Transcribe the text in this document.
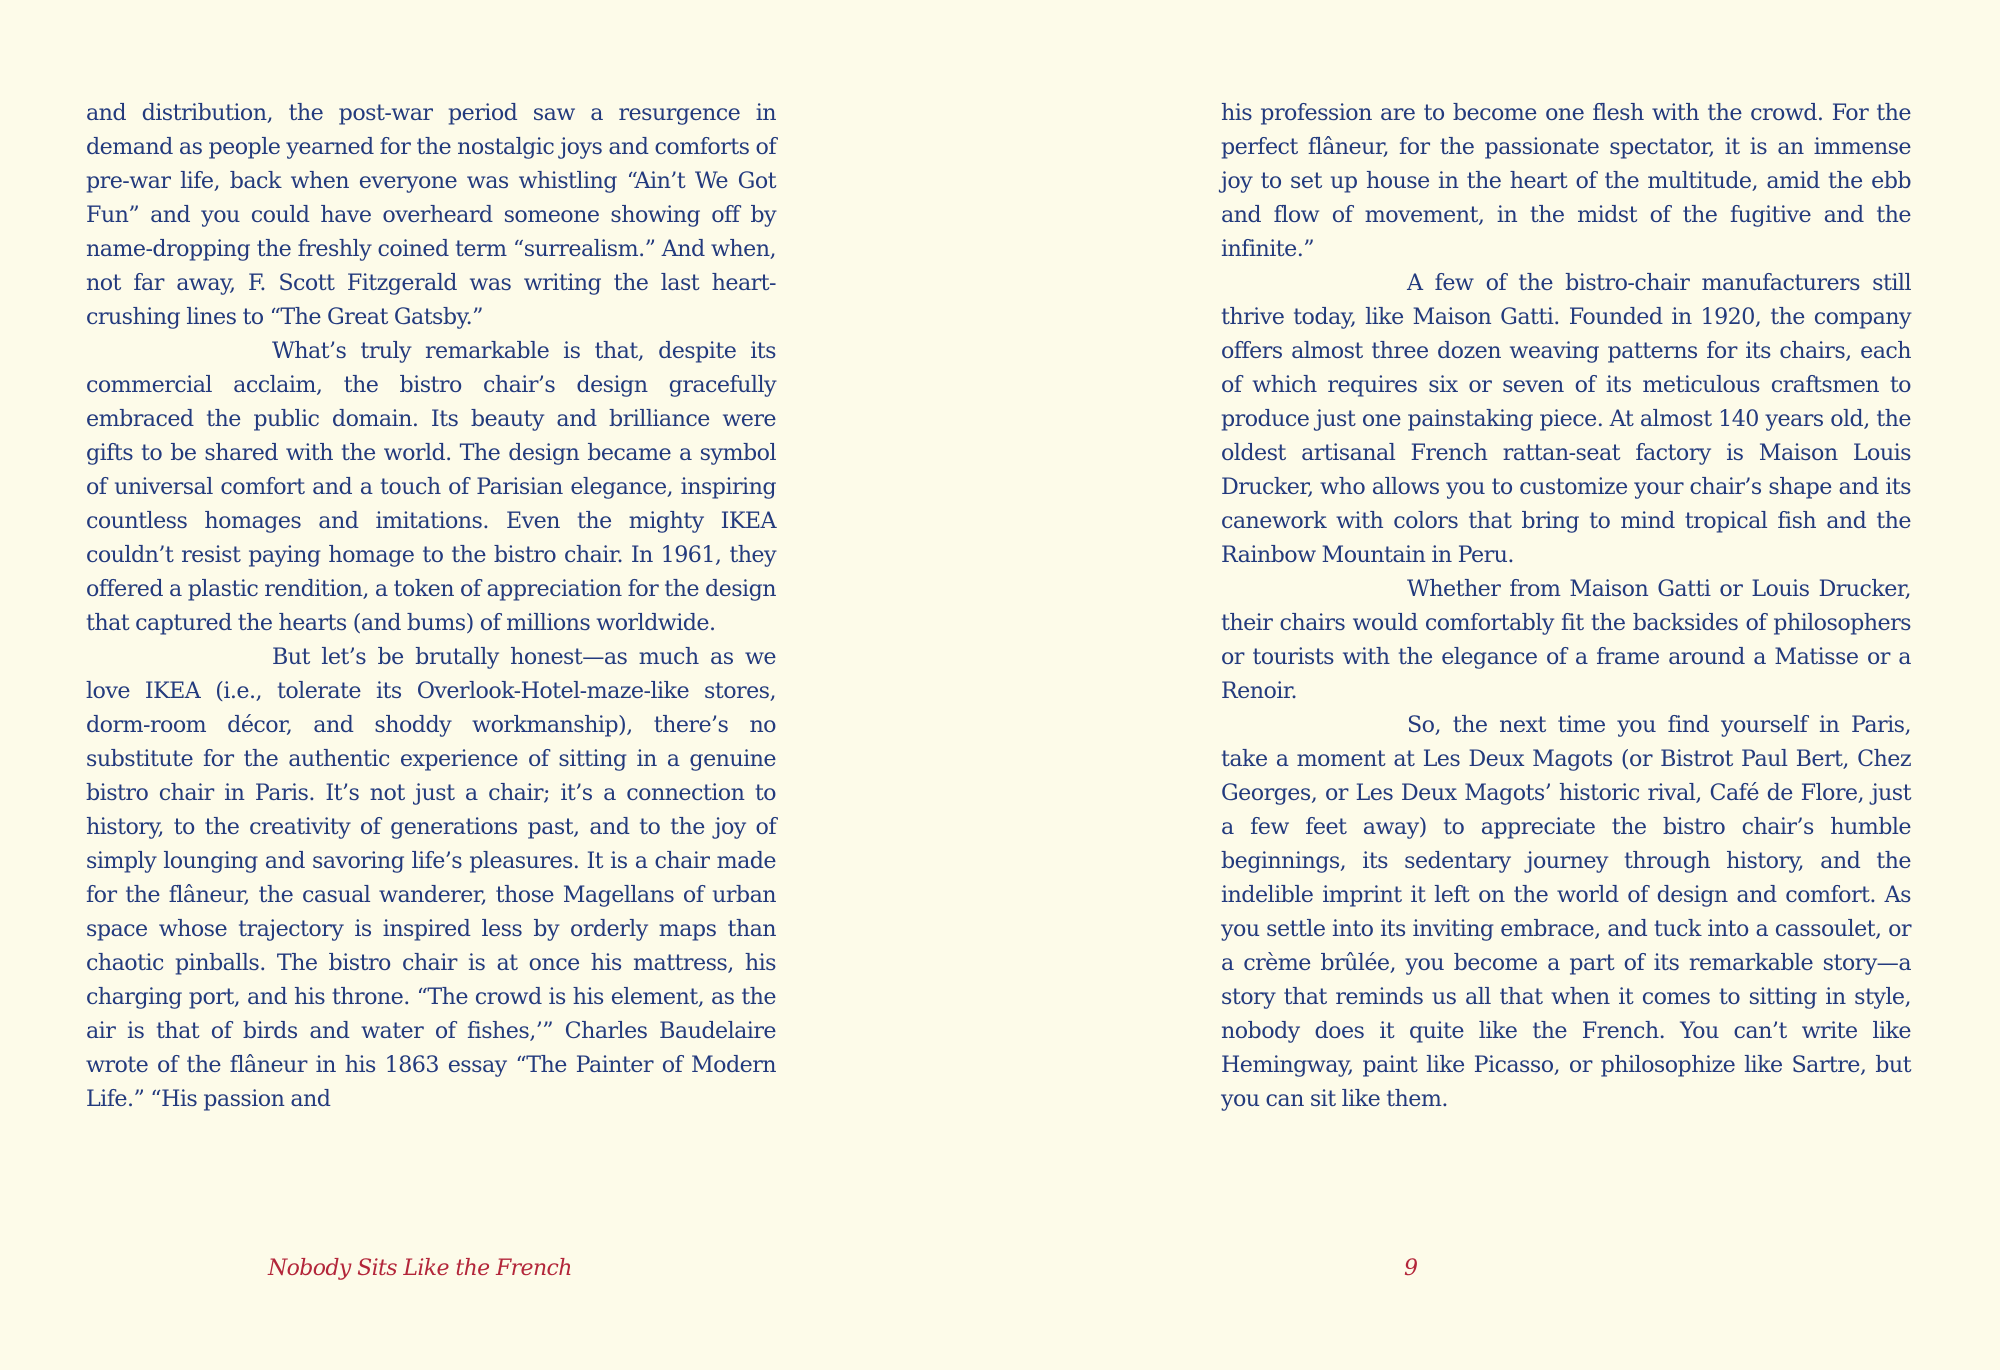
and distribution, the post-war period saw a resurgence in demand as people yearned for the nostalgic joys and comforts of pre-war life, back when everyone was whistling “Ain’t We Got Fun” and you could have overheard someone showing off by name-dropping the freshly coined term “surrealism.” And when, not far away, F. Scott Fitzgerald was writing the last heart-crushing lines to “The Great Gatsby.”

What’s truly remarkable is that, despite its commercial acclaim, the bistro chair’s design gracefully embraced the public domain. Its beauty and brilliance were gifts to be shared with the world. The design became a symbol of universal comfort and a touch of Parisian elegance, inspiring countless homages and imitations. Even the mighty IKEA couldn’t resist paying homage to the bistro chair. In 1961, they offered a plastic rendition, a token of appreciation for the design that captured the hearts (and bums) of millions worldwide.

But let’s be brutally honest—as much as we love IKEA (i.e., tolerate its Overlook-Hotel-maze-like stores, dorm-room décor, and shoddy workmanship), there’s no substitute for the authentic experience of sitting in a genuine bistro chair in Paris. It’s not just a chair; it’s a connection to history, to the creativity of generations past, and to the joy of simply lounging and savoring life’s pleasures. It is a chair made for the flâneur, the casual wanderer, those Magellans of urban space whose trajectory is inspired less by orderly maps than chaotic pinballs. The bistro chair is at once his mattress, his charging port, and his throne. “The crowd is his element, as the air is that of birds and water of fishes,’” Charles Baudelaire wrote of the flâneur in his 1863 essay “The Painter of Modern Life.” “His passion and

his profession are to become one flesh with the crowd. For the perfect flâneur, for the passionate spectator, it is an immense joy to set up house in the heart of the multitude, amid the ebb and flow of movement, in the midst of the fugitive and the infinite.”

A few of the bistro-chair manufacturers still thrive today, like Maison Gatti. Founded in 1920, the company offers almost three dozen weaving patterns for its chairs, each of which requires six or seven of its meticulous craftsmen to produce just one painstaking piece. At almost 140 years old, the oldest artisanal French rattan-seat factory is Maison Louis Drucker, who allows you to customize your chair’s shape and its canework with colors that bring to mind tropical fish and the Rainbow Mountain in Peru.

Whether from Maison Gatti or Louis Drucker, their chairs would comfortably fit the backsides of philosophers or tourists with the elegance of a frame around a Matisse or a Renoir.

So, the next time you find yourself in Paris, take a moment at Les Deux Magots (or Bistrot Paul Bert, Chez Georges, or Les Deux Magots’ historic rival, Café de Flore, just a few feet away) to appreciate the bistro chair’s humble beginnings, its sedentary journey through history, and the indelible imprint it left on the world of design and comfort. As you settle into its inviting embrace, and tuck into a cassoulet, or a crème brûlée, you become a part of its remarkable story—a story that reminds us all that when it comes to sitting in style, nobody does it quite like the French. You can’t write like Hemingway, paint like Picasso, or philosophize like Sartre, but you can sit like them.

Nobody Sits Like the French	9
